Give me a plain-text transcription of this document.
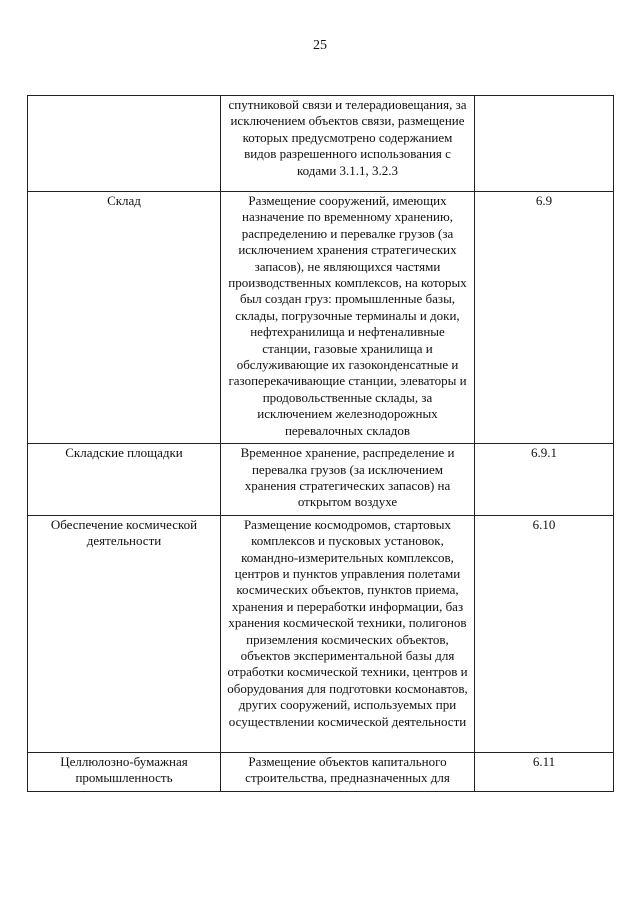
25
	спутниковой связи и телерадиовещания, за исключением объектов связи, размещение которых предусмотрено содержанием видов разрешенного использования с кодами 3.1.1, 3.2.3	
Склад	Размещение сооружений, имеющих назначение по временному хранению, распределению и перевалке грузов (за исключением хранения стратегических запасов), не являющихся частями производственных комплексов, на которых был создан груз: промышленные базы, склады, погрузочные терминалы и доки, нефтехранилища и нефтеналивные станции, газовые хранилища и обслуживающие их газоконденсатные и газоперекачивающие станции, элеваторы и продовольственные склады, за исключением железнодорожных перевалочных складов	6.9
Складские площадки	Временное хранение, распределение и перевалка грузов (за исключением хранения стратегических запасов) на открытом воздухе	6.9.1
Обеспечение космической деятельности	Размещение космодромов, стартовых комплексов и пусковых установок, командно-измерительных комплексов, центров и пунктов управления полетами космических объектов, пунктов приема, хранения и переработки информации, баз хранения космической техники, полигонов приземления космических объектов, объектов экспериментальной базы для отработки космической техники, центров и оборудования для подготовки космонавтов, других сооружений, используемых при осуществлении космической деятельности	6.10
Целлюлозно-бумажная промышленность	Размещение объектов капитального строительства, предназначенных для	6.11
